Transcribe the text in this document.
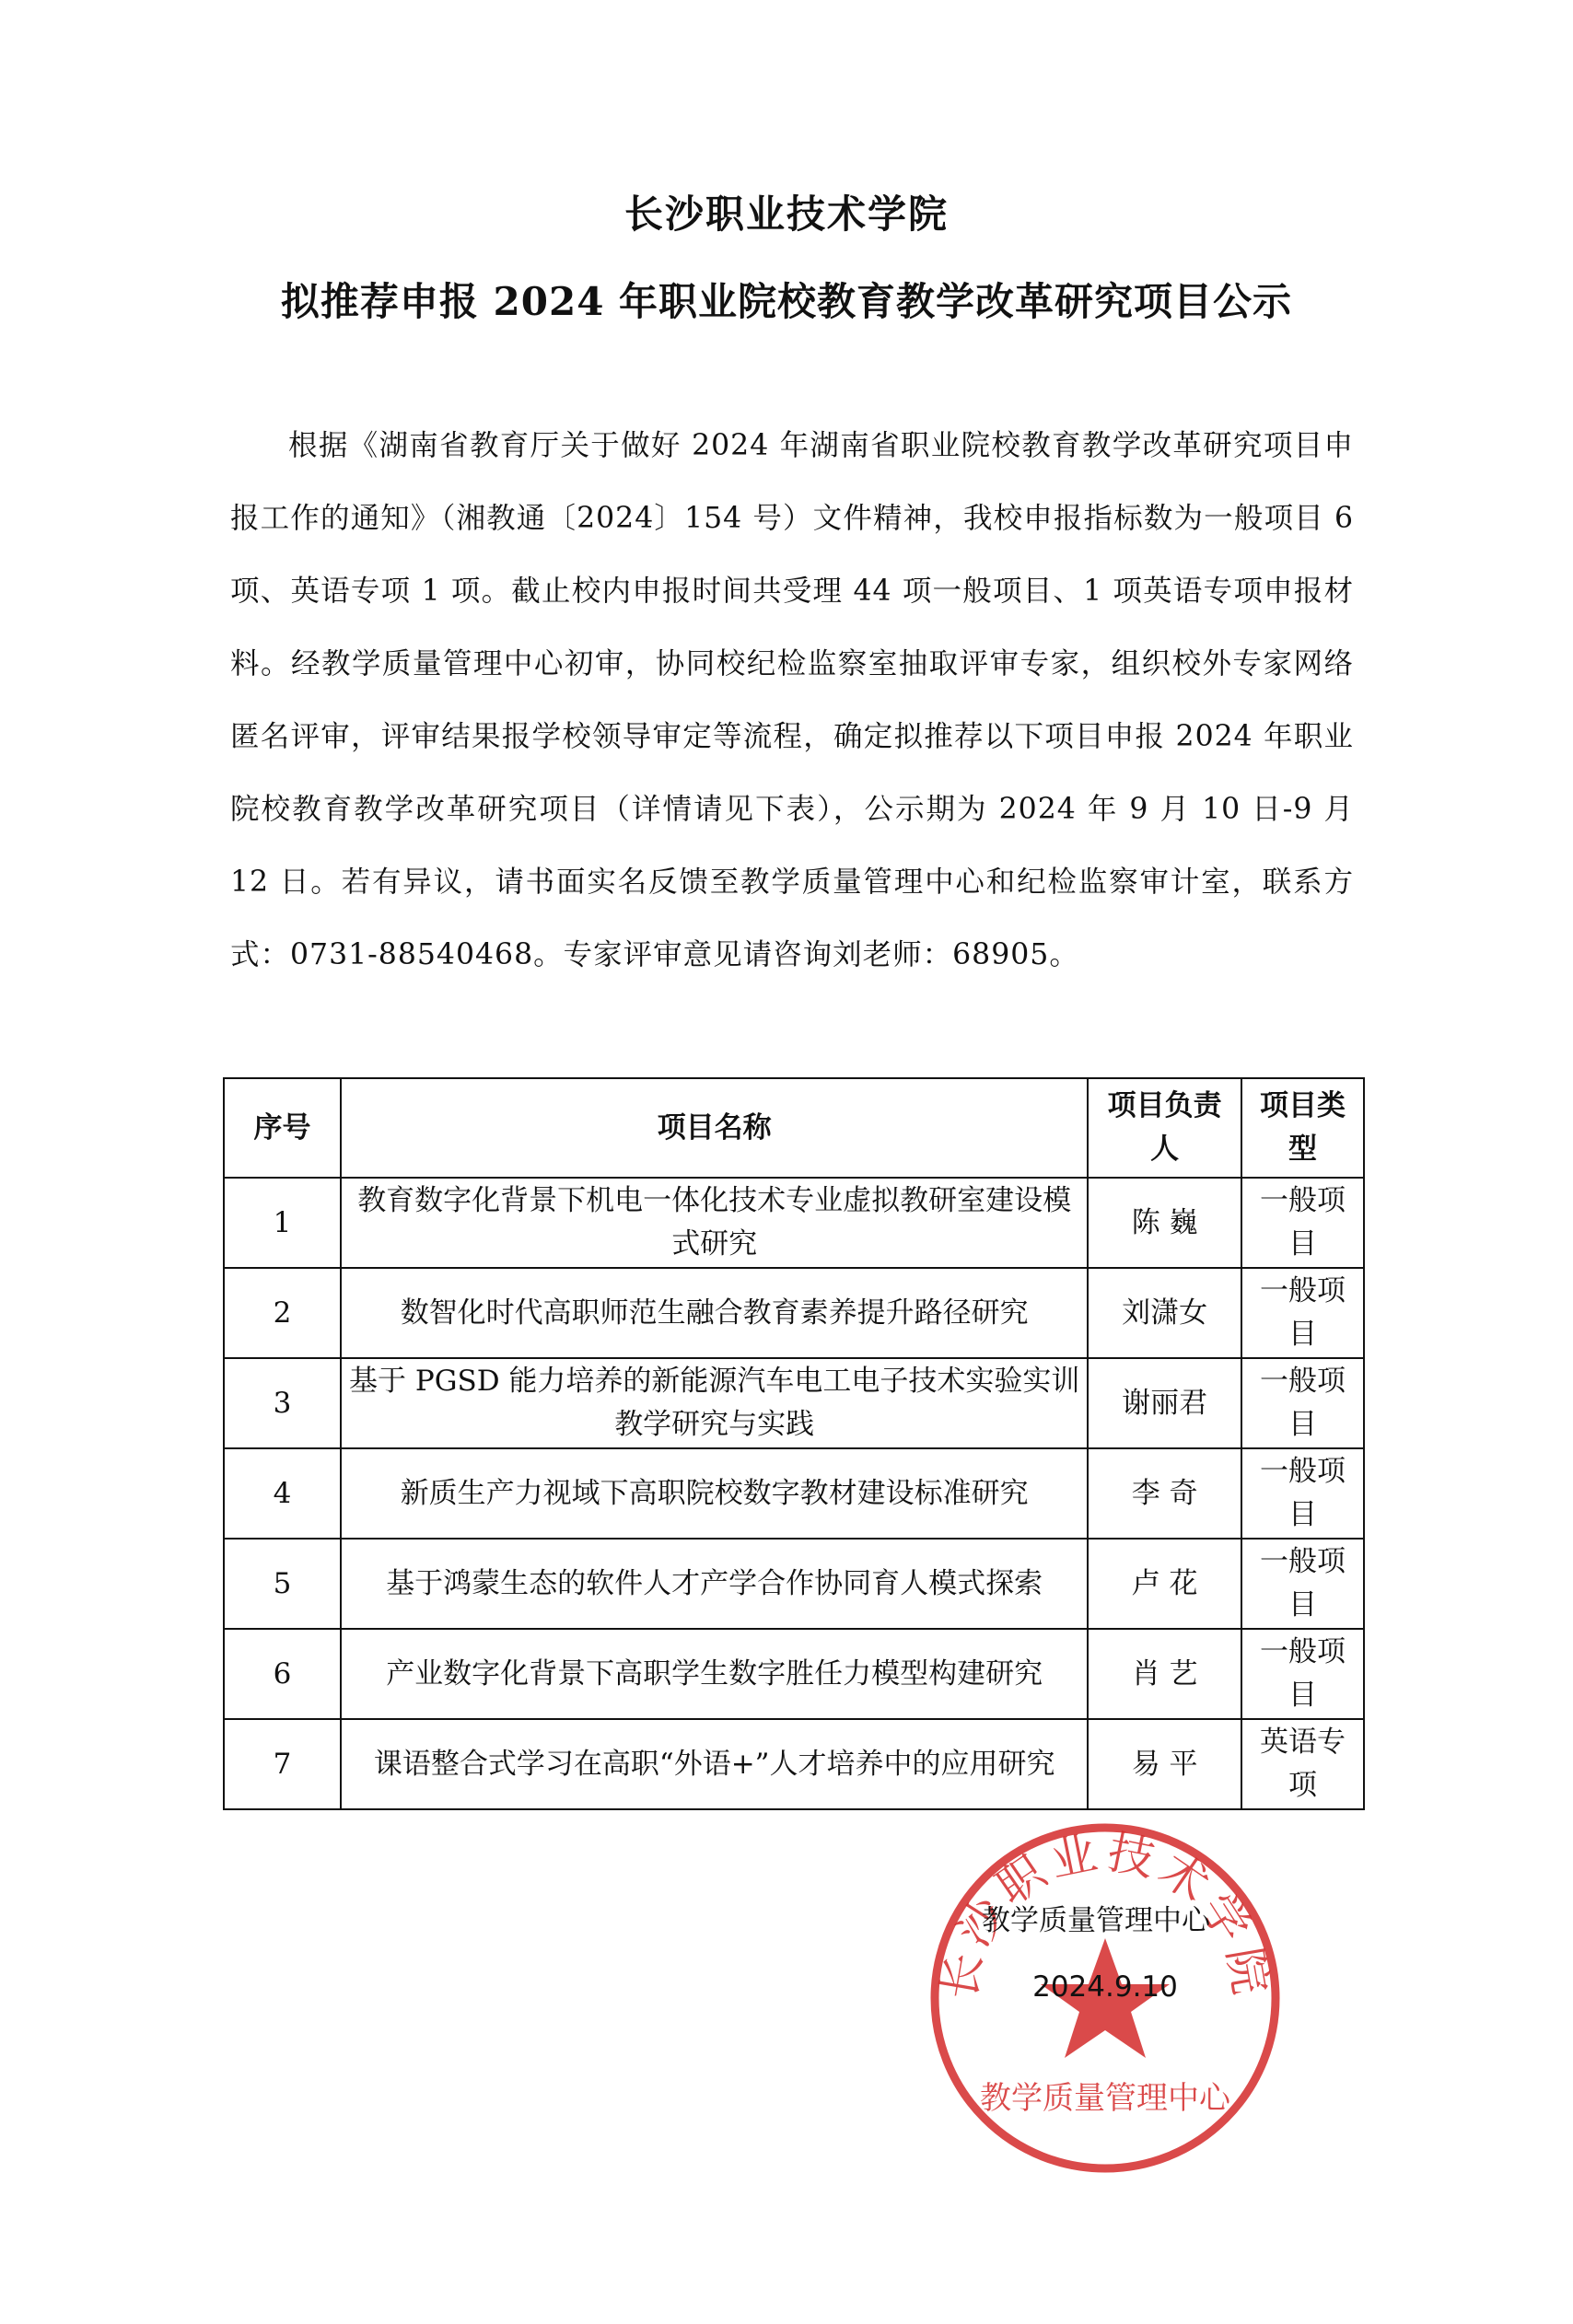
长沙职业技术学院
拟推荐申报 2024 年职业院校教育教学改革研究项目公示
根据《湖南省教育厅关于做好 2024 年湖南省职业院校教育教学改革研究项目申报工作的通知》（湘教通〔2024〕154 号）文件精神，我校申报指标数为一般项目 6 项、英语专项 1 项。截止校内申报时间共受理 44 项一般项目、1 项英语专项申报材料。经教学质量管理中心初审，协同校纪检监察室抽取评审专家，组织校外专家网络匿名评审，评审结果报学校领导审定等流程，确定拟推荐以下项目申报 2024 年职业院校教育教学改革研究项目（详情请见下表），公示期为 2024 年 9 月 10 日-9 月 12 日。若有异议，请书面实名反馈至教学质量管理中心和纪检监察审计室，联系方式：0731-88540468。专家评审意见请咨询刘老师：68905。
序号	项目名称	项目负责人	项目类型
1	教育数字化背景下机电一体化技术专业虚拟教研室建设模式研究	陈 巍	一般项目
2	数智化时代高职师范生融合教育素养提升路径研究	刘潇女	一般项目
3	基于 PGSD 能力培养的新能源汽车电工电子技术实验实训教学研究与实践	谢丽君	一般项目
4	新质生产力视域下高职院校数字教材建设标准研究	李 奇	一般项目
5	基于鸿蒙生态的软件人才产学合作协同育人模式探索	卢 花	一般项目
6	产业数字化背景下高职学生数字胜任力模型构建研究	肖 艺	一般项目
7	课语整合式学习在高职“外语+”人才培养中的应用研究	易 平	英语专项
长沙职业技术学院
教学质量管理中心
教学质量管理中心
2024.9.10
